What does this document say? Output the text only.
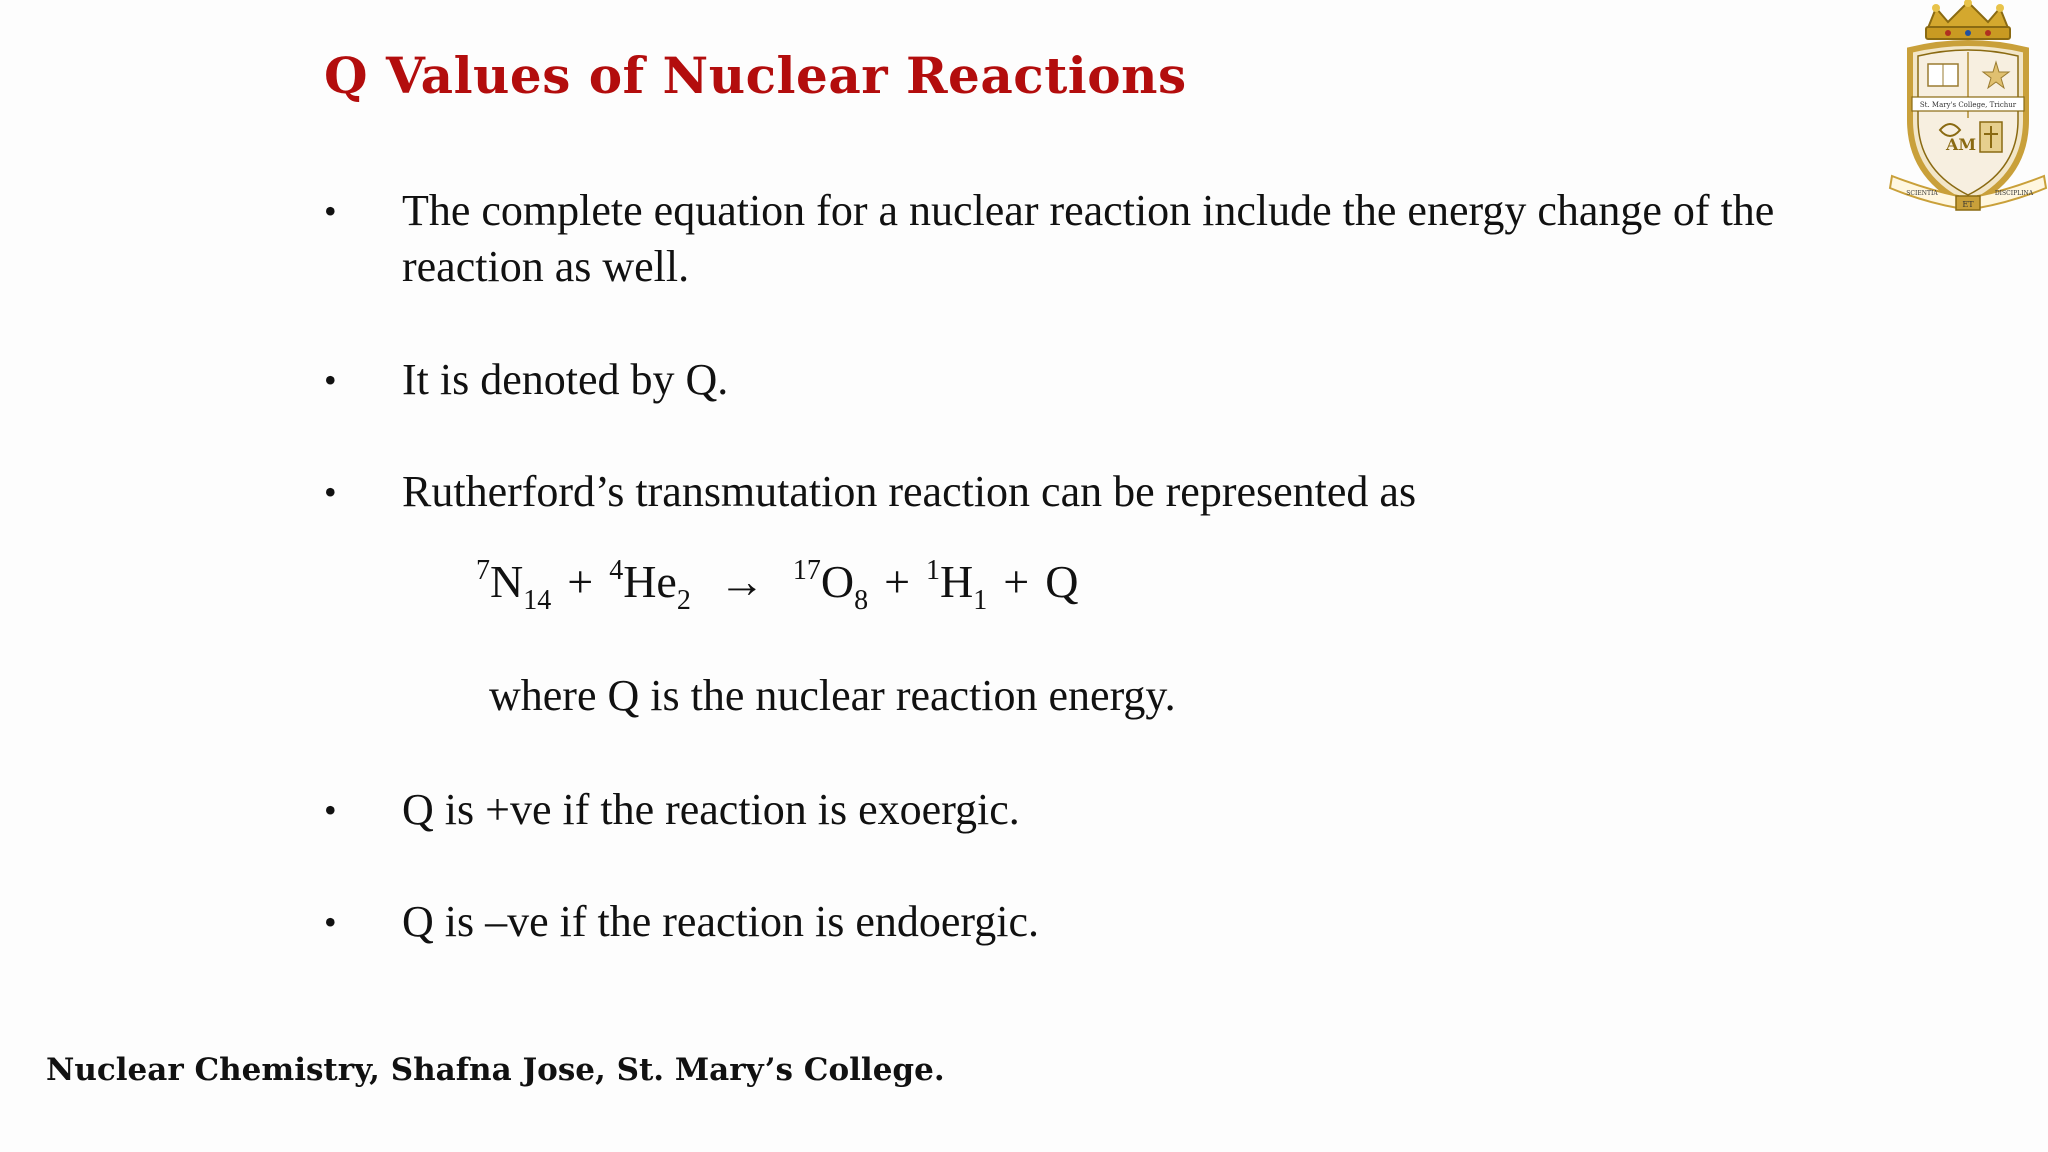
Q Values of Nuclear Reactions
• The complete equation for a nuclear reaction include the energy change of the reaction as well.
• It is denoted by Q.
• Rutherford’s transmutation reaction can be represented as
$^7N_{14} + ^4He_2 \to ^{17}O_8 + ^1H_1 + Q$
where Q is the nuclear reaction energy.
• Q is +ve if the reaction is exoergic.
• Q is –ve if the reaction is endoergic.
Nuclear Chemistry, Shafna Jose, St. Mary’s College.
St. Mary's College, Trichur
AM
SCIENTIA	DISCIPLINA
ET
